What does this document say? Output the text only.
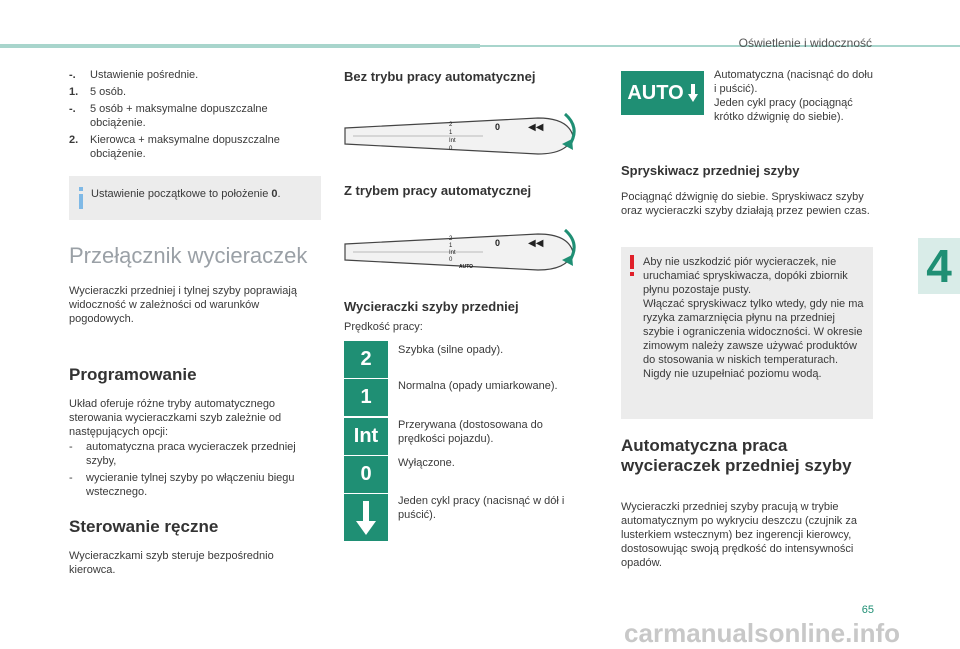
Oświetlenie i widoczność
-.	Ustawienie pośrednie.
1.	5 osób.
-.	5 osób + maksymalne dopuszczalne obciążenie.
2.	Kierowca + maksymalne dopuszczalne obciążenie.
Ustawienie początkowe to położenie 0.
Przełącznik wycieraczek
Wycieraczki przedniej i tylnej szyby poprawiają widoczność w zależności od warunków pogodowych.
Programowanie
Układ oferuje różne tryby automatycznego sterowania wycieraczkami szyb zależnie od następujących opcji:
-	automatyczna praca wycieraczek przedniej szyby,
-	wycieranie tylnej szyby po włączeniu biegu wstecznego.
Sterowanie ręczne
Wycieraczkami szyb steruje bezpośrednio kierowca.
Bez trybu pracy automatycznej
2
1
Int
0
0	◀◀
Z trybem pracy automatycznej
2
1
Int
0
AUTO
0	◀◀
Wycieraczki szyby przedniej
Prędkość pracy:
2	Szybka (silne opady).
1	Normalna (opady umiarkowane).
Int	Przerywana (dostosowana do prędkości pojazdu).
0	Wyłączone.
Jeden cykl pracy (nacisnąć w dół i puścić).
AUTO
Automatyczna (nacisnąć do dołu i puścić).
Jeden cykl pracy (pociągnąć krótko dźwignię do siebie).
Spryskiwacz przedniej szyby
Pociągnąć dźwignię do siebie. Spryskiwacz szyby oraz wycieraczki szyby działają przez pewien czas.
Aby nie uszkodzić piór wycieraczek, nie uruchamiać spryskiwacza, dopóki zbiornik płynu pozostaje pusty.
Włączać spryskiwacz tylko wtedy, gdy nie ma ryzyka zamarznięcia płynu na przedniej szybie i ograniczenia widoczności. W okresie zimowym należy zawsze używać produktów do stosowania w niskich temperaturach.
Nigdy nie uzupełniać poziomu wodą.
Automatyczna praca wycieraczek przedniej szyby
Wycieraczki przedniej szyby pracują w trybie automatycznym po wykryciu deszczu (czujnik za lusterkiem wstecznym) bez ingerencji kierowcy, dostosowując swoją prędkość do intensywności opadów.
4
65
carmanualsonline.info
